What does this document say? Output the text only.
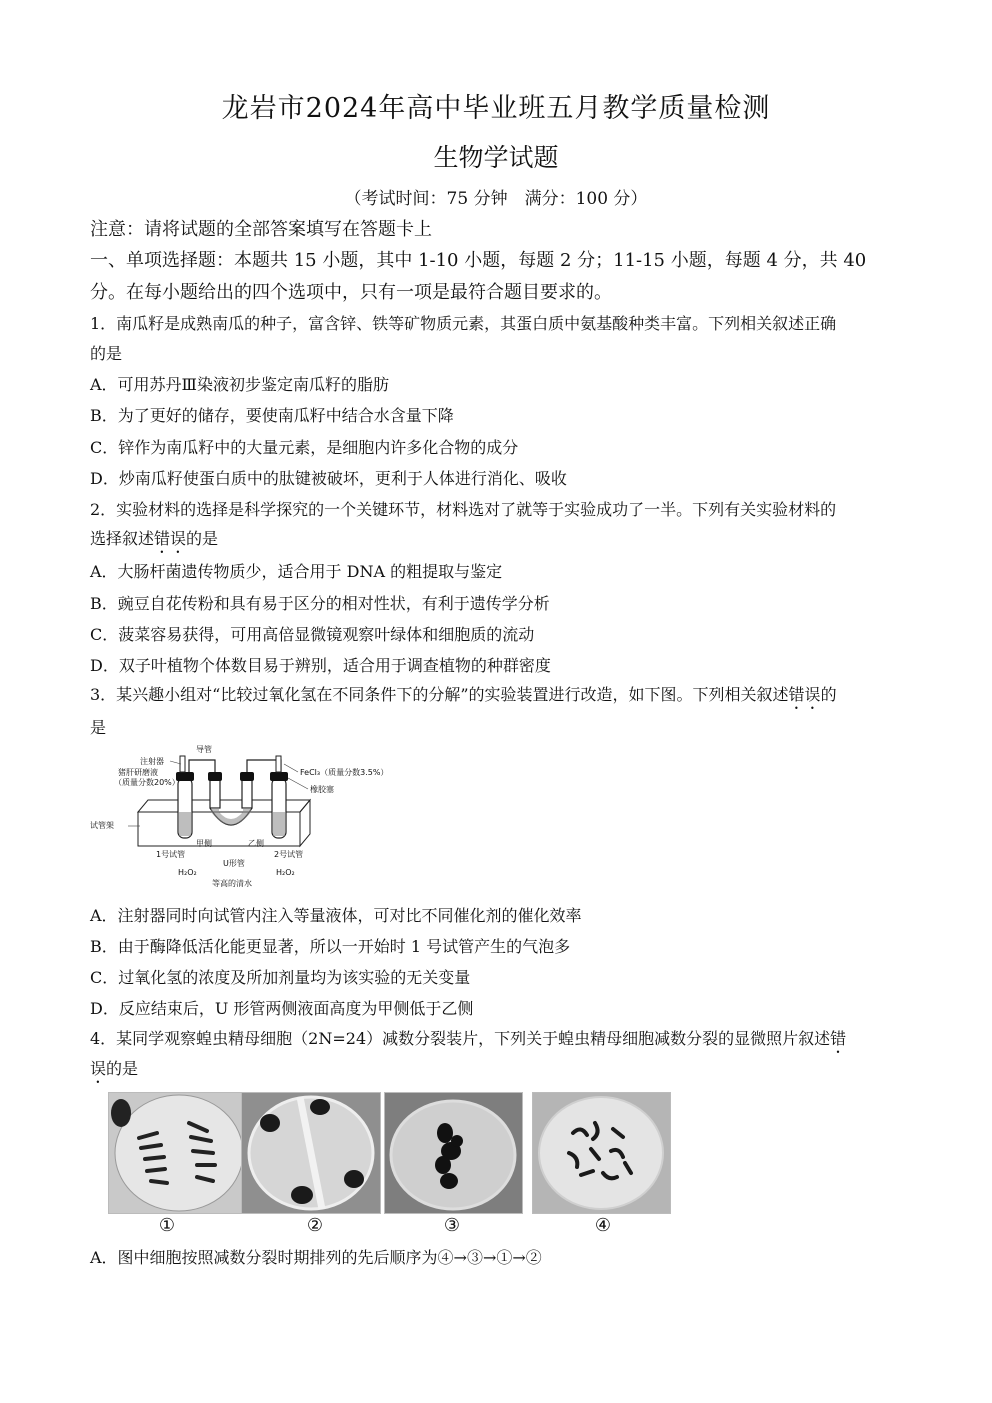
龙岩市2024年高中毕业班五月教学质量检测
生物学试题
（考试时间：75 分钟　满分：100 分）
注意：请将试题的全部答案填写在答题卡上
一、单项选择题：本题共 15 小题，其中 1-10 小题，每题 2 分；11-15 小题，每题 4 分，共 40
分。在每小题给出的四个选项中，只有一项是最符合题目要求的。
1．南瓜籽是成熟南瓜的种子，富含锌、铁等矿物质元素，其蛋白质中氨基酸种类丰富。下列相关叙述正确
的是
A．可用苏丹Ⅲ染液初步鉴定南瓜籽的脂肪
B．为了更好的储存，要使南瓜籽中结合水含量下降
C．锌作为南瓜籽中的大量元素，是细胞内许多化合物的成分
D．炒南瓜籽使蛋白质中的肽键被破坏，更利于人体进行消化、吸收
2．实验材料的选择是科学探究的一个关键环节，材料选对了就等于实验成功了一半。下列有关实验材料的
选择叙述错误的是
A．大肠杆菌遗传物质少，适合用于 DNA 的粗提取与鉴定
B．豌豆自花传粉和具有易于区分的相对性状，有利于遗传学分析
C．菠菜容易获得，可用高倍显微镜观察叶绿体和细胞质的流动
D．双子叶植物个体数目易于辨别，适合用于调查植物的种群密度
3．某兴趣小组对“比较过氧化氢在不同条件下的分解”的实验装置进行改造，如下图。下列相关叙述错误的
是
导管
注射器
猪肝研磨液
（质量分数20%）
FeCl₃（质量分数3.5%）
橡胶塞
试管架
甲侧	乙侧
1号试管	2号试管
U形管
H₂O₂	H₂O₂
等高的清水
A．注射器同时向试管内注入等量液体，可对比不同催化剂的催化效率
B．由于酶降低活化能更显著，所以一开始时 1 号试管产生的气泡多
C．过氧化氢的浓度及所加剂量均为该实验的无关变量
D．反应结束后，U 形管两侧液面高度为甲侧低于乙侧
4．某同学观察蝗虫精母细胞（2N=24）减数分裂装片，下列关于蝗虫精母细胞减数分裂的显微照片叙述错
误的是
①	②	③	④
A．图中细胞按照减数分裂时期排列的先后顺序为④→③→①→②
